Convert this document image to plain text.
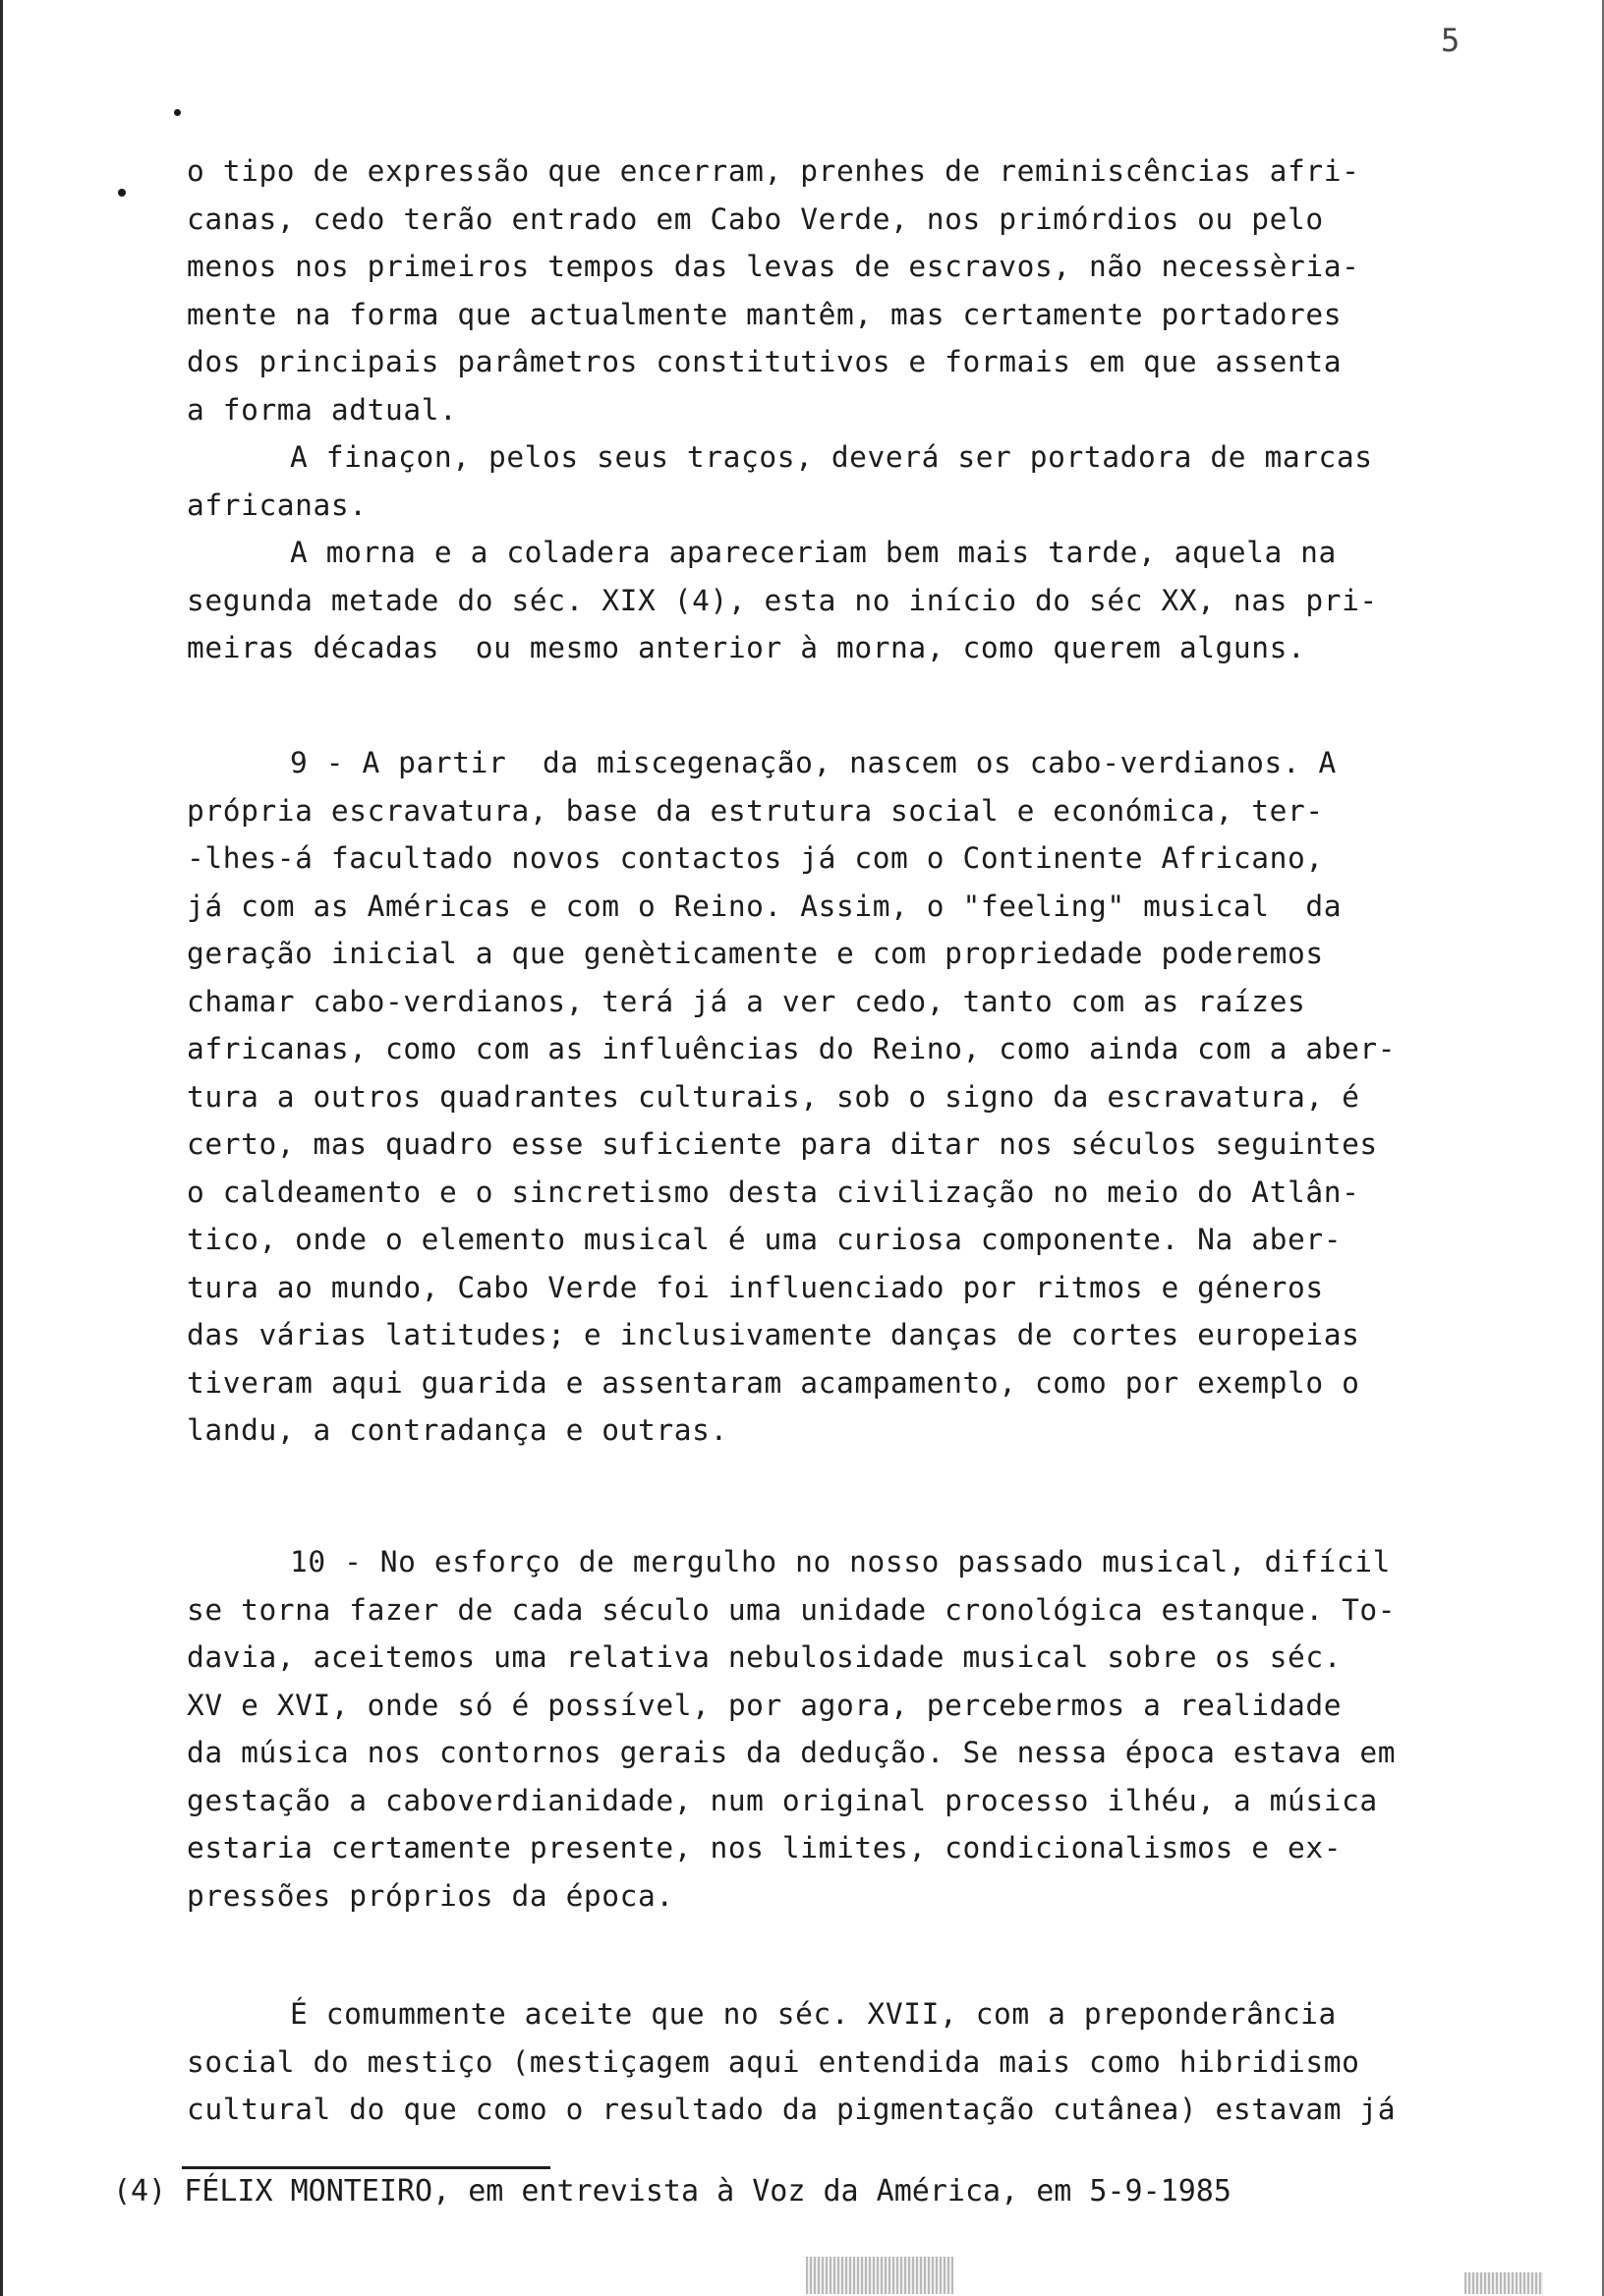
5
o tipo de expressão que encerram, prenhes de reminiscências afri-
canas, cedo terão entrado em Cabo Verde, nos primórdios ou pelo
menos nos primeiros tempos das levas de escravos, não necessèria-
mente na forma que actualmente mantêm, mas certamente portadores
dos principais parâmetros constitutivos e formais em que assenta
a forma adtual.
A finaçon, pelos seus traços, deverá ser portadora de marcas
africanas.
A morna e a coladera apareceriam bem mais tarde, aquela na
segunda metade do séc. XIX (4), esta no início do séc XX, nas pri-
meiras décadas  ou mesmo anterior à morna, como querem alguns.
9 - A partir  da miscegenação, nascem os cabo-verdianos. A
própria escravatura, base da estrutura social e económica, ter-
-lhes-á facultado novos contactos já com o Continente Africano,
já com as Américas e com o Reino. Assim, o "feeling" musical  da
geração inicial a que genèticamente e com propriedade poderemos
chamar cabo-verdianos, terá já a ver cedo, tanto com as raízes
africanas, como com as influências do Reino, como ainda com a aber-
tura a outros quadrantes culturais, sob o signo da escravatura, é
certo, mas quadro esse suficiente para ditar nos séculos seguintes
o caldeamento e o sincretismo desta civilização no meio do Atlân-
tico, onde o elemento musical é uma curiosa componente. Na aber-
tura ao mundo, Cabo Verde foi influenciado por ritmos e géneros
das várias latitudes; e inclusivamente danças de cortes europeias
tiveram aqui guarida e assentaram acampamento, como por exemplo o
landu, a contradança e outras.
10 - No esforço de mergulho no nosso passado musical, difícil
se torna fazer de cada século uma unidade cronológica estanque. To-
davia, aceitemos uma relativa nebulosidade musical sobre os séc.
XV e XVI, onde só é possível, por agora, percebermos a realidade
da música nos contornos gerais da dedução. Se nessa época estava em
gestação a caboverdianidade, num original processo ilhéu, a música
estaria certamente presente, nos limites, condicionalismos e ex-
pressões próprios da época.
É comummente aceite que no séc. XVII, com a preponderância
social do mestiço (mestiçagem aqui entendida mais como hibridismo
cultural do que como o resultado da pigmentação cutânea) estavam já
(4) FÉLIX MONTEIRO, em entrevista à Voz da América, em 5-9-1985
